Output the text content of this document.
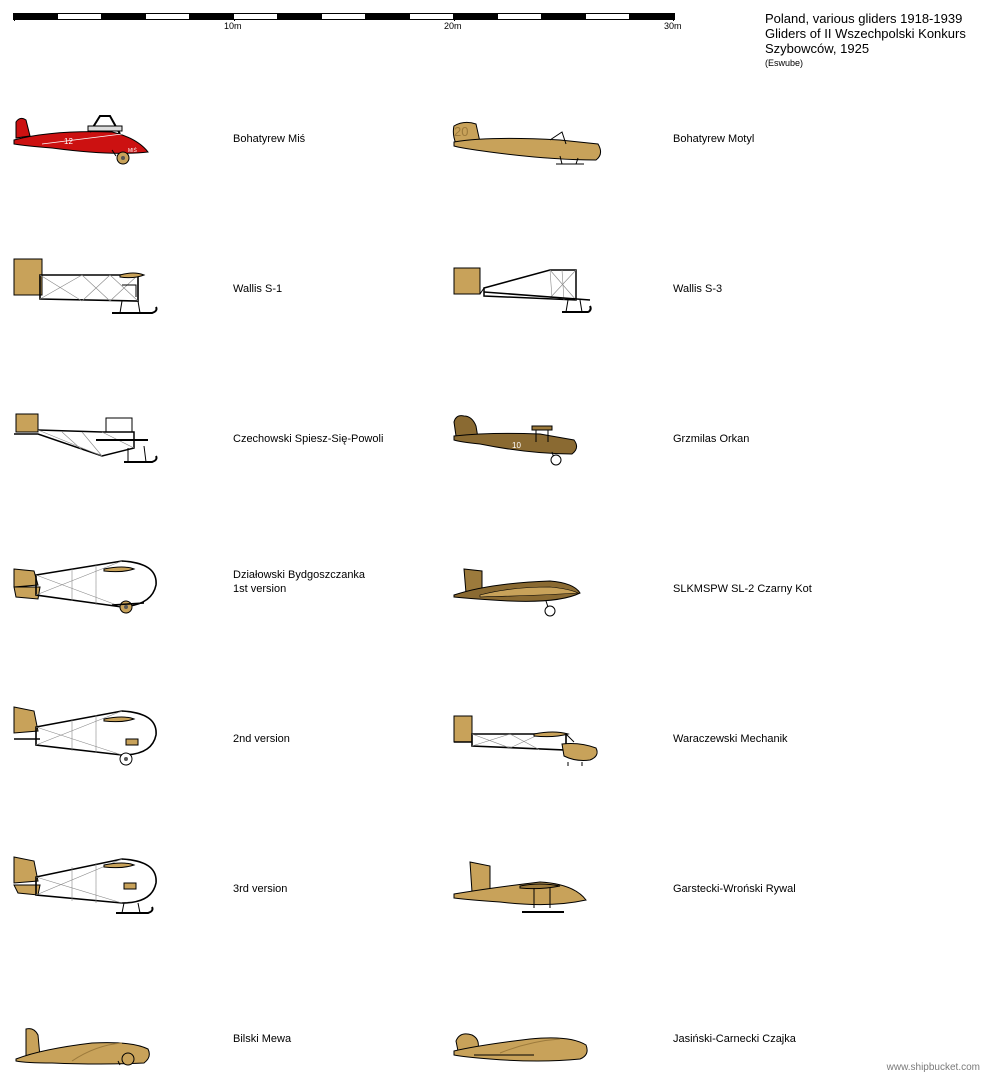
10m	20m	30m	Poland, various gliders 1918-1939
Gliders of II Wszechpolski Konkurs
Szybowców, 1925
(Eswube)
12
MIŚ
Bohatyrew Miś	20	Bohatyrew Motyl
Wallis S-1	Wallis S-3
Czechowski Spiesz-Się-Powoli
10
Grzmilas Orkan
Działowski Bydgoszczanka
1st version	SLKMSPW SL-2 Czarny Kot
2nd version	Waraczewski Mechanik
3rd version	Garstecki-Wroński Rywal
Bilski Mewa	Jasiński-Carnecki Czajka
www.shipbucket.com
